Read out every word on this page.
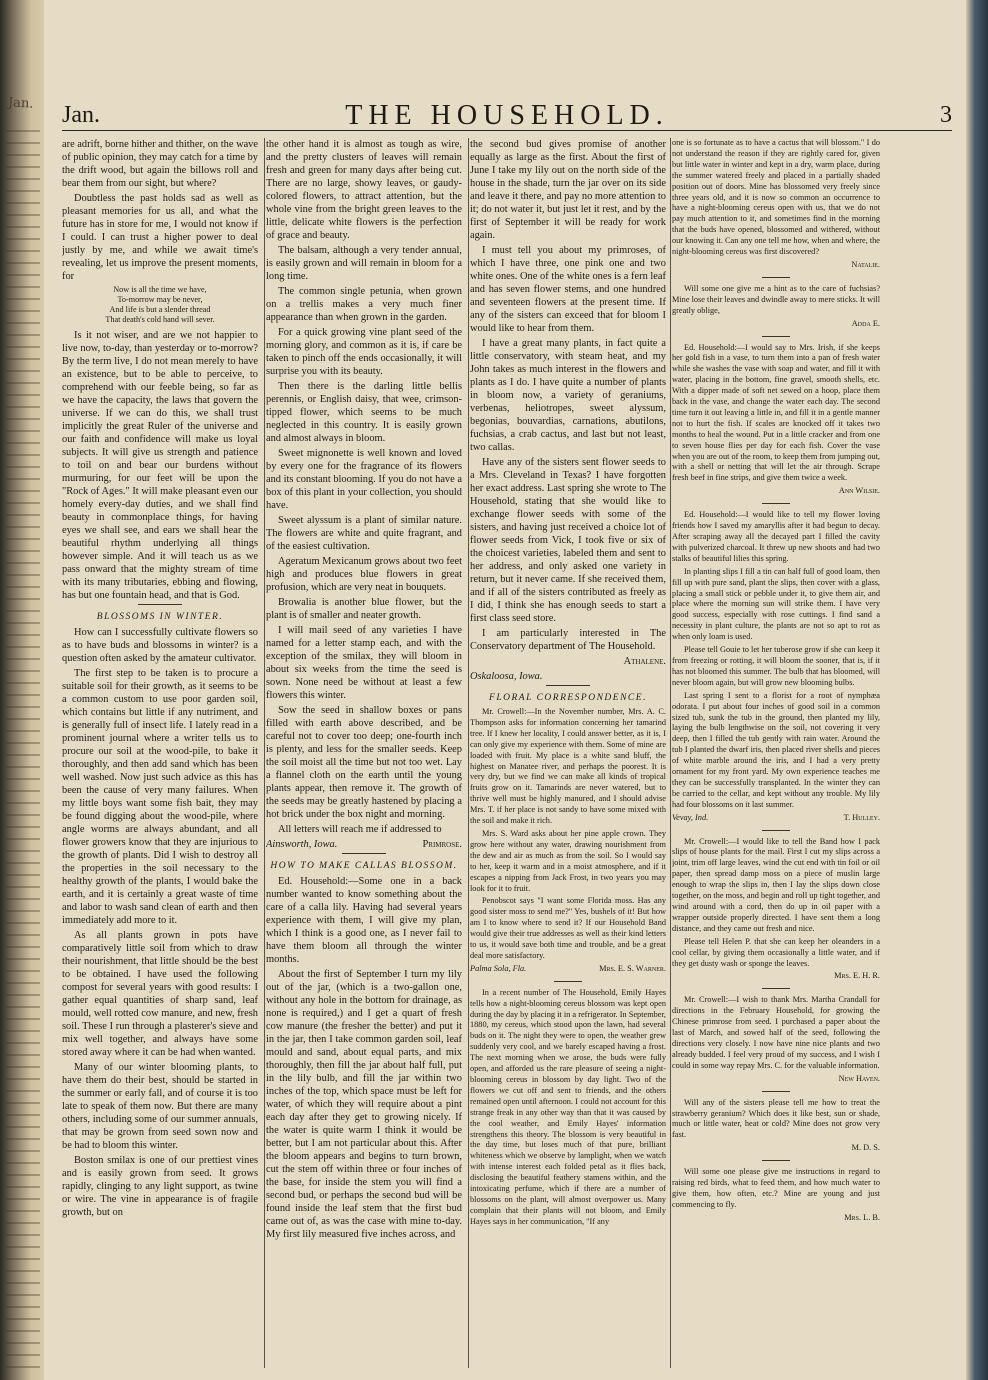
Jan. Jan.	THE HOUSEHOLD.	3

are adrift, borne hither and thither, on the wave of public opinion, they may catch for a time by the drift wood, but again the billows roll and bear them from our sight, but where?

Doubtless the past holds sad as well as pleasant memories for us all, and what the future has in store for me, I would not know if I could. I can trust a higher power to deal justly by me, and while we await time's revealing, let us improve the present moments, for

Now is all the time we have,
To-morrow may be never,
And life is but a slender thread
That death's cold hand will sever.

Is it not wiser, and are we not happier to live now, to-day, than yesterday or to-morrow? By the term live, I do not mean merely to have an existence, but to be able to perceive, to comprehend with our feeble being, so far as we have the capacity, the laws that govern the universe. If we can do this, we shall trust implicitly the great Ruler of the universe and our faith and confidence will make us loyal subjects. It will give us strength and patience to toil on and bear our burdens without murmuring, for our feet will be upon the "Rock of Ages." It will make pleasant even our homely every-day duties, and we shall find beauty in commonplace things, for having eyes we shall see, and ears we shall hear the beautiful rhythm underlying all things however simple. And it will teach us as we pass onward that the mighty stream of time with its many tributaries, ebbing and flowing, has but one fountain head, and that is God.

BLOSSOMS IN WINTER.

How can I successfully cultivate flowers so as to have buds and blossoms in winter? is a question often asked by the amateur cultivator.

The first step to be taken is to procure a suitable soil for their growth, as it seems to be a common custom to use poor garden soil, which contains but little if any nutriment, and is generally full of insect life. I lately read in a prominent journal where a writer tells us to procure our soil at the wood-pile, to bake it thoroughly, and then add sand which has been well washed. Now just such advice as this has been the cause of very many failures. When my little boys want some fish bait, they may be found digging about the wood-pile, where angle worms are always abundant, and all flower growers know that they are injurious to the growth of plants. Did I wish to destroy all the properties in the soil necessary to the healthy growth of the plants, I would bake the earth, and it is certainly a great waste of time and labor to wash sand clean of earth and then immediately add more to it.

As all plants grown in pots have comparatively little soil from which to draw their nourishment, that little should be the best to be obtained. I have used the following compost for several years with good results: I gather equal quantities of sharp sand, leaf mould, well rotted cow manure, and new, fresh soil. These I run through a plasterer's sieve and mix well together, and always have some stored away where it can be had when wanted.

Many of our winter blooming plants, to have them do their best, should be started in the summer or early fall, and of course it is too late to speak of them now. But there are many others, including some of our summer annuals, that may be grown from seed sown now and be had to bloom this winter.

Boston smilax is one of our prettiest vines and is easily grown from seed. It grows rapidly, clinging to any light support, as twine or wire. The vine in appearance is of fragile growth, but on

the other hand it is almost as tough as wire, and the pretty clusters of leaves will remain fresh and green for many days after being cut. There are no large, showy leaves, or gaudy-colored flowers, to attract attention, but the whole vine from the bright green leaves to the little, delicate white flowers is the perfection of grace and beauty.

The balsam, although a very tender annual, is easily grown and will remain in bloom for a long time.

The common single petunia, when grown on a trellis makes a very much finer appearance than when grown in the garden.

For a quick growing vine plant seed of the morning glory, and common as it is, if care be taken to pinch off the ends occasionally, it will surprise you with its beauty.

Then there is the darling little bellis perennis, or English daisy, that wee, crimson-tipped flower, which seems to be much neglected in this country. It is easily grown and almost always in bloom.

Sweet mignonette is well known and loved by every one for the fragrance of its flowers and its constant blooming. If you do not have a box of this plant in your collection, you should have.

Sweet alyssum is a plant of similar nature. The flowers are white and quite fragrant, and of the easiest cultivation.

Ageratum Mexicanum grows about two feet high and produces blue flowers in great profusion, which are very neat in bouquets.

Browalia is another blue flower, but the plant is of smaller and neater growth.

I will mail seed of any varieties I have named for a letter stamp each, and with the exception of the smilax, they will bloom in about six weeks from the time the seed is sown. None need be without at least a few flowers this winter.

Sow the seed in shallow boxes or pans filled with earth above described, and be careful not to cover too deep; one-fourth inch is plenty, and less for the smaller seeds. Keep the soil moist all the time but not too wet. Lay a flannel cloth on the earth until the young plants appear, then remove it. The growth of the seeds may be greatly hastened by placing a hot brick under the box night and morning.

All letters will reach me if addressed to

Ainsworth, Iowa.	Primrose.

HOW TO MAKE CALLAS BLOSSOM.

Ed. Household:—Some one in a back number wanted to know something about the care of a calla lily. Having had several years experience with them, I will give my plan, which I think is a good one, as I never fail to have them bloom all through the winter months.

About the first of September I turn my lily out of the jar, (which is a two-gallon one, without any hole in the bottom for drainage, as none is required,) and I get a quart of fresh cow manure (the fresher the better) and put it in the jar, then I take common garden soil, leaf mould and sand, about equal parts, and mix thoroughly, then fill the jar about half full, put in the lily bulb, and fill the jar within two inches of the top, which space must be left for water, of which they will require about a pint each day after they get to growing nicely. If the water is quite warm I think it would be better, but I am not particular about this. After the bloom appears and begins to turn brown, cut the stem off within three or four inches of the base, for inside the stem you will find a second bud, or perhaps the second bud will be found inside the leaf stem that the first bud came out of, as was the case with mine to-day. My first lily measured five inches across, and

the second bud gives promise of another equally as large as the first. About the first of June I take my lily out on the north side of the house in the shade, turn the jar over on its side and leave it there, and pay no more attention to it; do not water it, but just let it rest, and by the first of September it will be ready for work again.

I must tell you about my primroses, of which I have three, one pink one and two white ones. One of the white ones is a fern leaf and has seven flower stems, and one hundred and seventeen flowers at the present time. If any of the sisters can exceed that for bloom I would like to hear from them.

I have a great many plants, in fact quite a little conservatory, with steam heat, and my John takes as much interest in the flowers and plants as I do. I have quite a number of plants in bloom now, a variety of geraniums, verbenas, heliotropes, sweet alyssum, begonias, bouvardias, carnations, abutilons, fuchsias, a crab cactus, and last but not least, two callas.

Have any of the sisters sent flower seeds to a Mrs. Cleveland in Texas? I have forgotten her exact address. Last spring she wrote to The Household, stating that she would like to exchange flower seeds with some of the sisters, and having just received a choice lot of flower seeds from Vick, I took five or six of the choicest varieties, labeled them and sent to her address, and only asked one variety in return, but it never came. If she received them, and if all of the sisters contributed as freely as I did, I think she has enough seeds to start a first class seed store.

I am particularly interested in The Conservatory department of The Household.

Athalene.

Oskaloosa, Iowa.

FLORAL CORRESPONDENCE.

Mr. Crowell:—In the November number, Mrs. A. C. Thompson asks for information concerning her tamarind tree. If I knew her locality, I could answer better, as it is, I can only give my experience with them. Some of mine are loaded with fruit. My place is a white sand bluff, the highest on Manatee river, and perhaps the poorest. It is very dry, but we find we can make all kinds of tropical fruits grow on it. Tamarinds are never watered, but to thrive well must be highly manured, and I should advise Mrs. T. if her place is not sandy to have some mixed with the soil and make it rich.

Mrs. S. Ward asks about her pine apple crown. They grow here without any water, drawing nourishment from the dew and air as much as from the soil. So I would say to her, keep it warm and in a moist atmosphere, and if it escapes a nipping from Jack Frost, in two years you may look for it to fruit.

Penobscot says "I want some Florida moss. Has any good sister moss to send me?" Yes, bushels of it! But how am I to know where to send it? If our Household Band would give their true addresses as well as their kind letters to us, it would save both time and trouble, and be a great deal more satisfactory.

Palma Sola, Fla.	Mrs. E. S. Warner.

In a recent number of The Household, Emily Hayes tells how a night-blooming cereus blossom was kept open during the day by placing it in a refrigerator. In September, 1880, my cereus, which stood upon the lawn, had several buds on it. The night they were to open, the weather grew suddenly very cool, and we barely escaped having a frost. The next morning when we arose, the buds were fully open, and afforded us the rare pleasure of seeing a night-blooming cereus in blossom by day light. Two of the flowers we cut off and sent to friends, and the others remained open until afternoon. I could not account for this strange freak in any other way than that it was caused by the cool weather, and Emily Hayes' information strengthens this theory. The blossom is very beautiful in the day time, but loses much of that pure, brilliant whiteness which we observe by lamplight, when we watch with intense interest each folded petal as it flies back, disclosing the beautiful feathery stamens within, and the intoxicating perfume, which if there are a number of blossoms on the plant, will almost overpower us. Many complain that their plants will not bloom, and Emily Hayes says in her communication, "If any

one is so fortunate as to have a cactus that will blossom." I do not understand the reason if they are rightly cared for, given but little water in winter and kept in a dry, warm place, during the summer watered freely and placed in a partially shaded position out of doors. Mine has blossomed very freely since three years old, and it is now so common an occurrence to have a night-blooming cereus open with us, that we do not pay much attention to it, and sometimes find in the morning that the buds have opened, blossomed and withered, without our knowing it. Can any one tell me how, when and where, the night-blooming cereus was first discovered?

Natalie.

Will some one give me a hint as to the care of fuchsias? Mine lose their leaves and dwindle away to mere sticks. It will greatly oblige,

Adda E.

Ed. Household:—I would say to Mrs. Irish, if she keeps her gold fish in a vase, to turn them into a pan of fresh water while she washes the vase with soap and water, and fill it with water, placing in the bottom, fine gravel, smooth shells, etc. With a dipper made of soft net sewed on a hoop, place them back in the vase, and change the water each day. The second time turn it out leaving a little in, and fill it in a gentle manner not to hurt the fish. If scales are knocked off it takes two months to heal the wound. Put in a little cracker and from one to seven house flies per day for each fish. Cover the vase when you are out of the room, to keep them from jumping out, with a shell or netting that will let the air through. Scrape fresh beef in fine strips, and give them twice a week.

Ann Wilsie.

Ed. Household:—I would like to tell my flower loving friends how I saved my amaryllis after it had begun to decay. After scraping away all the decayed part I filled the cavity with pulverized charcoal. It threw up new shoots and had two stalks of beautiful lilies this spring.

In planting slips I fill a tin can half full of good loam, then fill up with pure sand, plant the slips, then cover with a glass, placing a small stick or pebble under it, to give them air, and place where the morning sun will strike them. I have very good success, especially with rose cuttings. I find sand a necessity in plant culture, the plants are not so apt to rot as when only loam is used.

Please tell Gouie to let her tuberose grow if she can keep it from freezing or rotting, it will bloom the sooner, that is, if it has not bloomed this summer. The bulb that has bloomed, will never bloom again, but will grow new blooming bulbs.

Last spring I sent to a florist for a root of nymphæa odorata. I put about four inches of good soil in a common sized tub, sunk the tub in the ground, then planted my lily, laying the bulb lengthwise on the soil, not covering it very deep, then I filled the tub gently with rain water. Around the tub I planted the dwarf iris, then placed river shells and pieces of white marble around the iris, and I had a very pretty ornament for my front yard. My own experience teaches me they can be successfully transplanted. In the winter they can be carried to the cellar, and kept without any trouble. My lily had four blossoms on it last summer.

Vevay, Ind.	T. Hulley.

Mr. Crowell:—I would like to tell the Band how I pack slips of house plants for the mail. First I cut my slips across a joint, trim off large leaves, wind the cut end with tin foil or oil paper, then spread damp moss on a piece of muslin large enough to wrap the slips in, then I lay the slips down close together, on the moss, and begin and roll up tight together, and wind around with a cord, then do up in oil paper with a wrapper outside properly directed. I have sent them a long distance, and they came out fresh and nice.

Please tell Helen P. that she can keep her oleanders in a cool cellar, by giving them occasionally a little water, and if they get dusty wash or sponge the leaves.

Mrs. E. H. R.

Mr. Crowell:—I wish to thank Mrs. Martha Crandall for directions in the February Household, for growing the Chinese primrose from seed. I purchased a paper about the last of March, and sowed half of the seed, following the directions very closely. I now have nine nice plants and two already budded. I feel very proud of my success, and I wish I could in some way repay Mrs. C. for the valuable information.

New Haven.

Will any of the sisters please tell me how to treat the strawberry geranium? Which does it like best, sun or shade, much or little water, heat or cold? Mine does not grow very fast.

M. D. S.

Will some one please give me instructions in regard to raising red birds, what to feed them, and how much water to give them, how often, etc.? Mine are young and just commencing to fly.

Mrs. L. B.
